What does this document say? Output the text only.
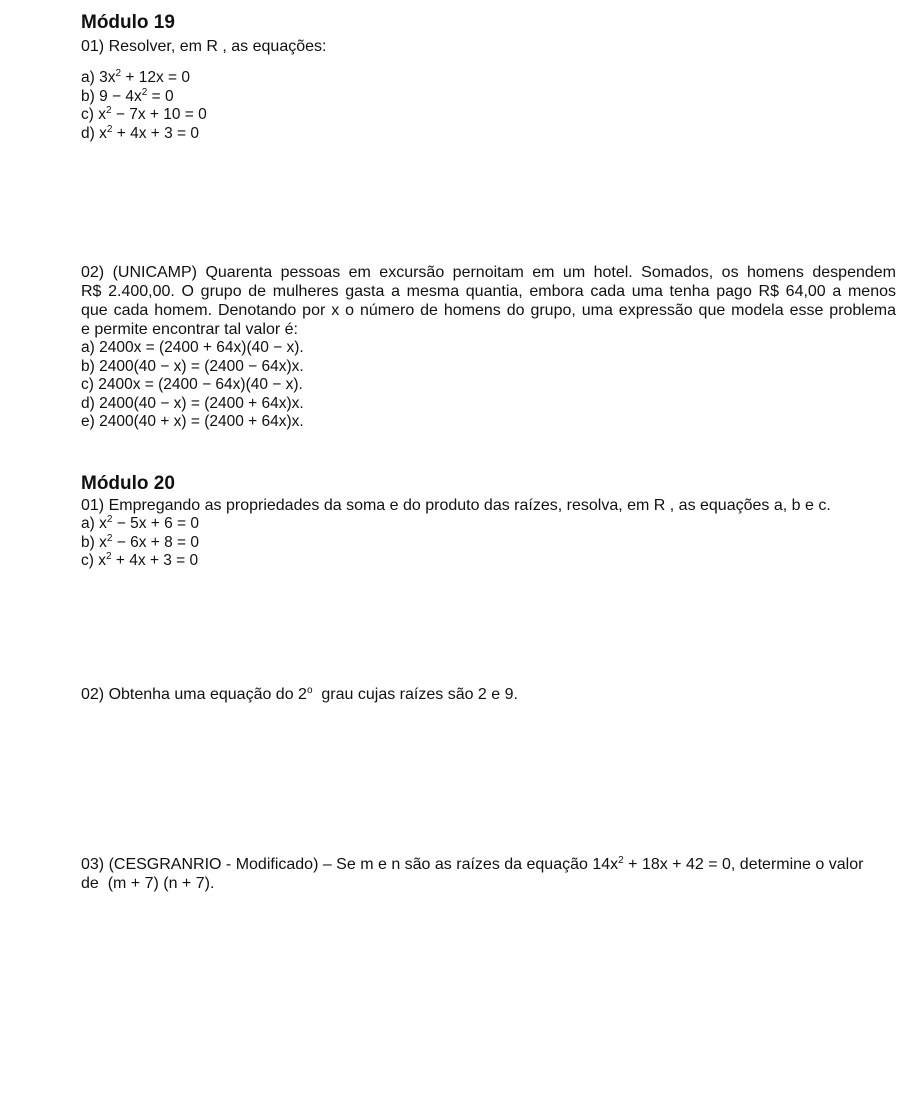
Módulo 19

01) Resolver, em R , as equações:

a) $3x^2 + 12x = 0$

b) $9 - 4x^2 = 0$

c) $x^2 - 7x + 10 = 0$

d) $x^2 + 4x + 3 = 0$

02) (UNICAMP) Quarenta pessoas em excursão pernoitam em um hotel. Somados, os homens despendem

R$ 2.400,00. O grupo de mulheres gasta a mesma quantia, embora cada uma tenha pago R$ 64,00 a menos

que cada homem. Denotando por x o número de homens do grupo, uma expressão que modela esse problema

e permite encontrar tal valor é:

a) 2400x = (2400 + 64x)(40 − x).

b) 2400(40 − x) = (2400 − 64x)x.

c) 2400x = (2400 − 64x)(40 − x).

d) 2400(40 − x) = (2400 + 64x)x.

e) 2400(40 + x) = (2400 + 64x)x.

Módulo 20

01) Empregando as propriedades da soma e do produto das raízes, resolva, em R , as equações a, b e c.

a) $x^2 - 5x + 6 = 0$

b) $x^2 - 6x + 8 = 0$

c) $x^2 + 4x + 3 = 0$

02) Obtenha uma equação do 2$^o$  grau cujas raízes são 2 e 9.

03) (CESGRANRIO - Modificado) – Se m e n são as raízes da equação $14x^2 + 18x + 42 = 0$, determine o valor

de  (m + 7) (n + 7).
